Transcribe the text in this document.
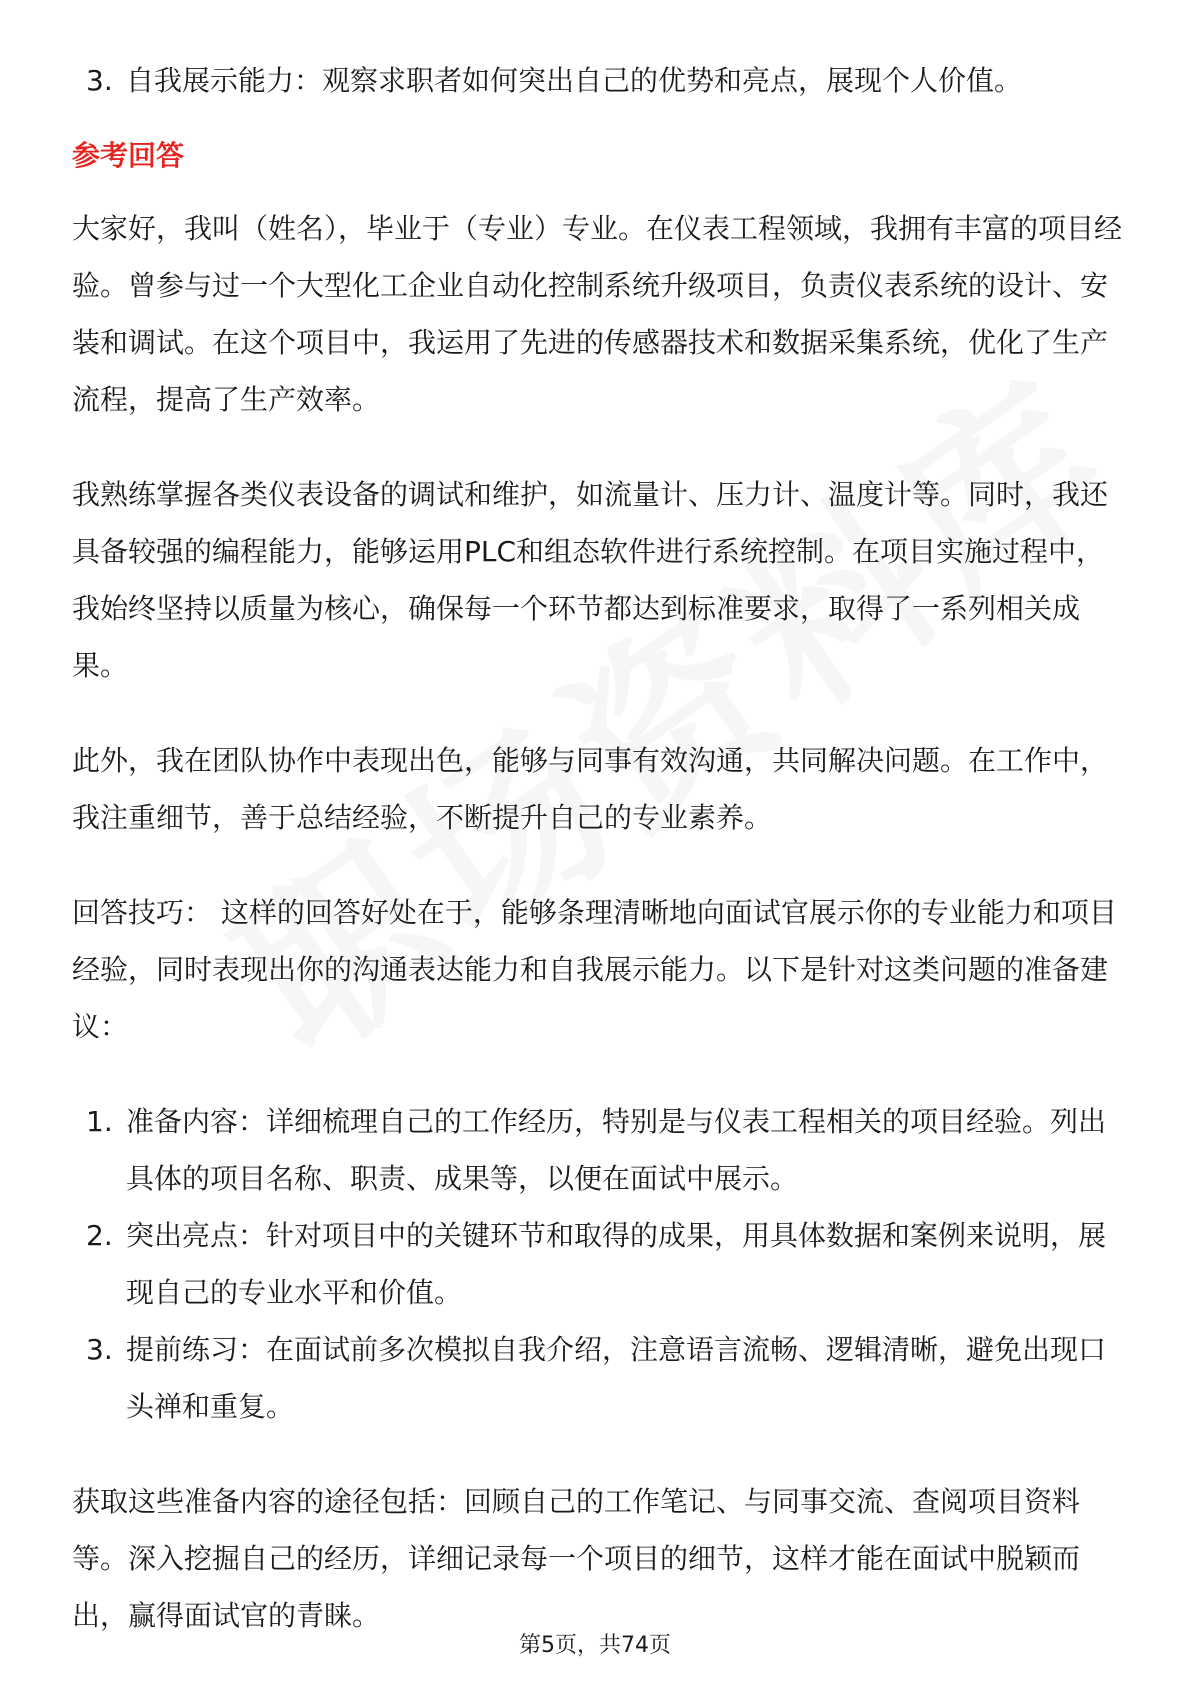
3. 自我展示能力：观察求职者如何突出自己的优势和亮点，展现个人价值。
参考回答

大家好，我叫（姓名），毕业于（专业）专业。在仪表工程领域，我拥有丰富的项目经验。曾参与过一个大型化工企业自动化控制系统升级项目，负责仪表系统的设计、安装和调试。在这个项目中，我运用了先进的传感器技术和数据采集系统，优化了生产流程，提高了生产效率。

我熟练掌握各类仪表设备的调试和维护，如流量计、压力计、温度计等。同时，我还具备较强的编程能力，能够运用PLC和组态软件进行系统控制。在项目实施过程中，我始终坚持以质量为核心，确保每一个环节都达到标准要求，取得了一系列相关成果。

此外，我在团队协作中表现出色，能够与同事有效沟通，共同解决问题。在工作中，我注重细节，善于总结经验，不断提升自己的专业素养。

回答技巧： 这样的回答好处在于，能够条理清晰地向面试官展示你的专业能力和项目经验，同时表现出你的沟通表达能力和自我展示能力。以下是针对这类问题的准备建议：

1. 准备内容：详细梳理自己的工作经历，特别是与仪表工程相关的项目经验。列出具体的项目名称、职责、成果等，以便在面试中展示。
2. 突出亮点：针对项目中的关键环节和取得的成果，用具体数据和案例来说明，展现自己的专业水平和价值。
3. 提前练习：在面试前多次模拟自我介绍，注意语言流畅、逻辑清晰，避免出现口头禅和重复。

获取这些准备内容的途径包括：回顾自己的工作笔记、与同事交流、查阅项目资料等。深入挖掘自己的经历，详细记录每一个项目的细节，这样才能在面试中脱颖而出，赢得面试官的青睐。

第5页，共74页
